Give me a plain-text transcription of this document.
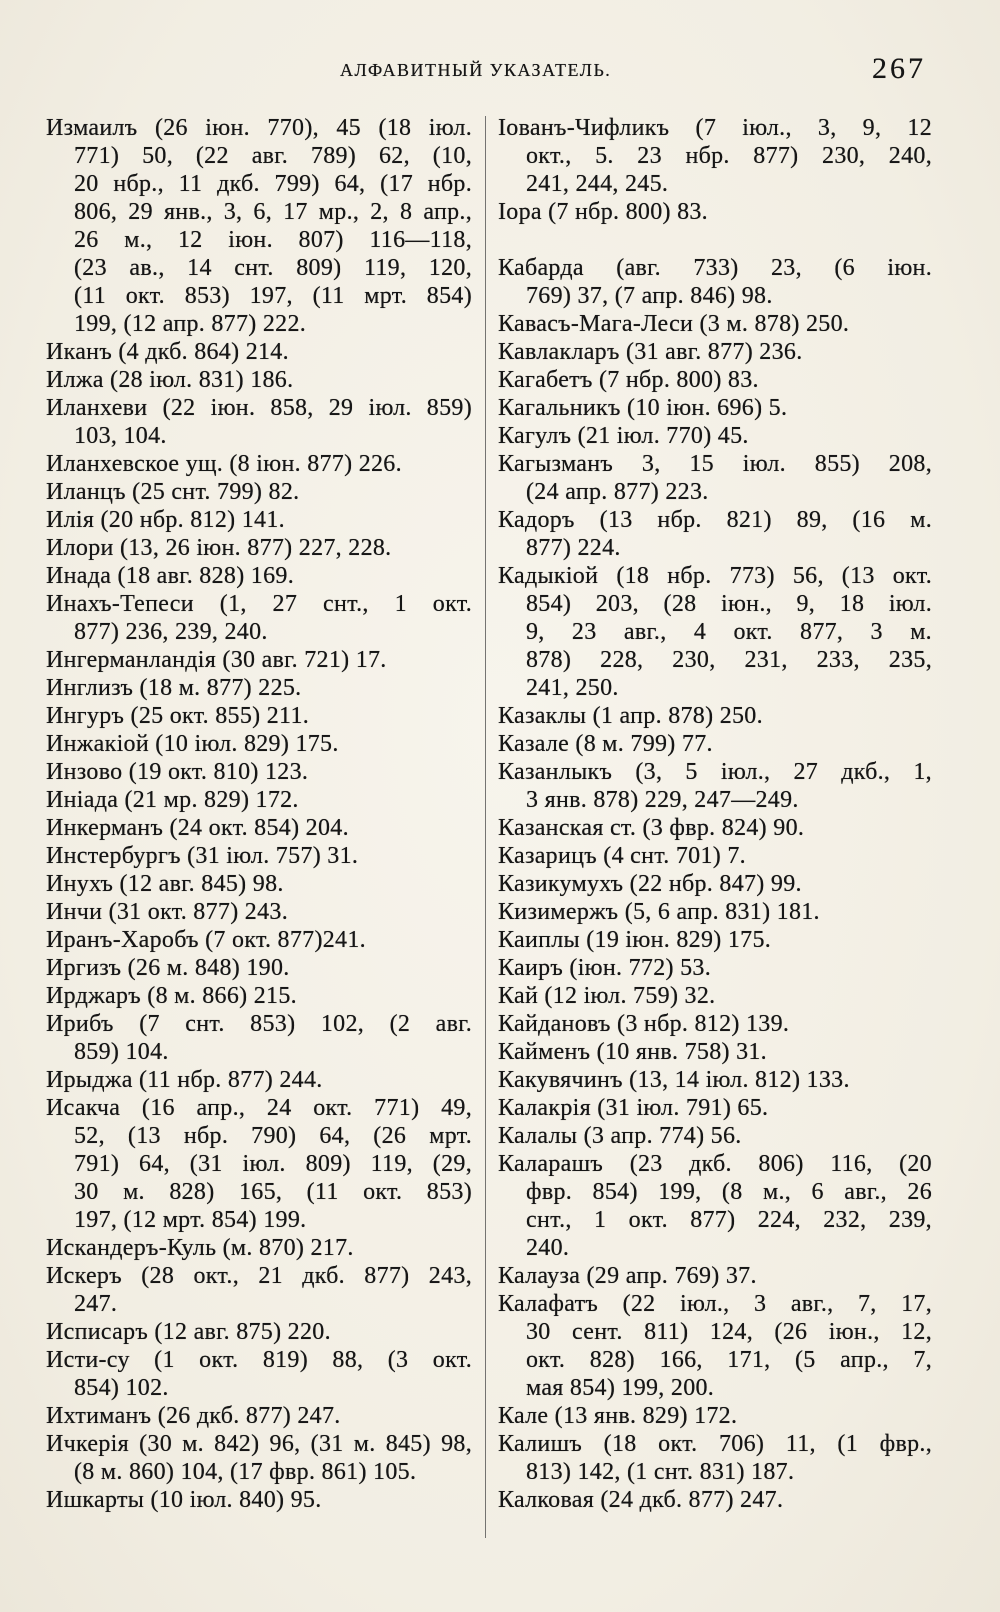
АЛФАВИТНЫЙ УКАЗАТЕЛЬ.	267
Измаилъ (26 іюн. 770), 45 (18 іюл.
771) 50, (22 авг. 789) 62, (10,
20 нбр., 11 дкб. 799) 64, (17 нбр.
806, 29 янв., 3, 6, 17 мр., 2, 8 апр.,
26 м., 12 іюн. 807) 116—118,
(23 ав., 14 снт. 809) 119, 120,
(11 окт. 853) 197, (11 мрт. 854)
199, (12 апр. 877) 222.
Иканъ (4 дкб. 864) 214.
Илжа (28 іюл. 831) 186.
Иланхеви (22 іюн. 858, 29 іюл. 859)
103, 104.
Иланхевское ущ. (8 іюн. 877) 226.
Иланцъ (25 снт. 799) 82.
Илія (20 нбр. 812) 141.
Илори (13, 26 іюн. 877) 227, 228.
Инада (18 авг. 828) 169.
Инахъ-Тепеси (1, 27 снт., 1 окт.
877) 236, 239, 240.
Ингерманландія (30 авг. 721) 17.
Инглизъ (18 м. 877) 225.
Ингуръ (25 окт. 855) 211.
Инжакіой (10 іюл. 829) 175.
Инзово (19 окт. 810) 123.
Иніада (21 мр. 829) 172.
Инкерманъ (24 окт. 854) 204.
Инстербургъ (31 іюл. 757) 31.
Инухъ (12 авг. 845) 98.
Инчи (31 окт. 877) 243.
Иранъ-Харобъ (7 окт. 877)241.
Иргизъ (26 м. 848) 190.
Ирджаръ (8 м. 866) 215.
Ирибъ (7 снт. 853) 102, (2 авг.
859) 104.
Ирыджа (11 нбр. 877) 244.
Исакча (16 апр., 24 окт. 771) 49,
52, (13 нбр. 790) 64, (26 мрт.
791) 64, (31 іюл. 809) 119, (29,
30 м. 828) 165, (11 окт. 853)
197, (12 мрт. 854) 199.
Искандеръ-Куль (м. 870) 217.
Искеръ (28 окт., 21 дкб. 877) 243,
247.
Исписаръ (12 авг. 875) 220.
Исти-су (1 окт. 819) 88, (3 окт.
854) 102.
Ихтиманъ (26 дкб. 877) 247.
Ичкерія (30 м. 842) 96, (31 м. 845) 98,
(8 м. 860) 104, (17 фвр. 861) 105.
Ишкарты (10 іюл. 840) 95.
Іованъ-Чифликъ (7 іюл., 3, 9, 12
окт., 5. 23 нбр. 877) 230, 240,
241, 244, 245.
Іора (7 нбр. 800) 83.
Кабарда (авг. 733) 23, (6 іюн.
769) 37, (7 апр. 846) 98.
Кавасъ-Мага-Леси (3 м. 878) 250.
Кавлакларъ (31 авг. 877) 236.
Кагабетъ (7 нбр. 800) 83.
Кагальникъ (10 іюн. 696) 5.
Кагулъ (21 іюл. 770) 45.
Кагызманъ 3, 15 іюл. 855) 208,
(24 апр. 877) 223.
Кадоръ (13 нбр. 821) 89, (16 м.
877) 224.
Кадыкіой (18 нбр. 773) 56, (13 окт.
854) 203, (28 іюн., 9, 18 іюл.
9, 23 авг., 4 окт. 877, 3 м.
878) 228, 230, 231, 233, 235,
241, 250.
Казаклы (1 апр. 878) 250.
Казале (8 м. 799) 77.
Казанлыкъ (3, 5 іюл., 27 дкб., 1,
3 янв. 878) 229, 247—249.
Казанская ст. (3 фвр. 824) 90.
Казарицъ (4 снт. 701) 7.
Казикумухъ (22 нбр. 847) 99.
Кизимержъ (5, 6 апр. 831) 181.
Каиплы (19 іюн. 829) 175.
Каиръ (іюн. 772) 53.
Кай (12 іюл. 759) 32.
Кайдановъ (3 нбр. 812) 139.
Кайменъ (10 янв. 758) 31.
Какувячинъ (13, 14 іюл. 812) 133.
Калакрія (31 іюл. 791) 65.
Калалы (3 апр. 774) 56.
Каларашъ (23 дкб. 806) 116, (20
фвр. 854) 199, (8 м., 6 авг., 26
снт., 1 окт. 877) 224, 232, 239,
240.
Калауза (29 апр. 769) 37.
Калафатъ (22 іюл., 3 авг., 7, 17,
30 сент. 811) 124, (26 іюн., 12,
окт. 828) 166, 171, (5 апр., 7,
мая 854) 199, 200.
Кале (13 янв. 829) 172.
Калишъ (18 окт. 706) 11, (1 фвр.,
813) 142, (1 снт. 831) 187.
Калковая (24 дкб. 877) 247.
